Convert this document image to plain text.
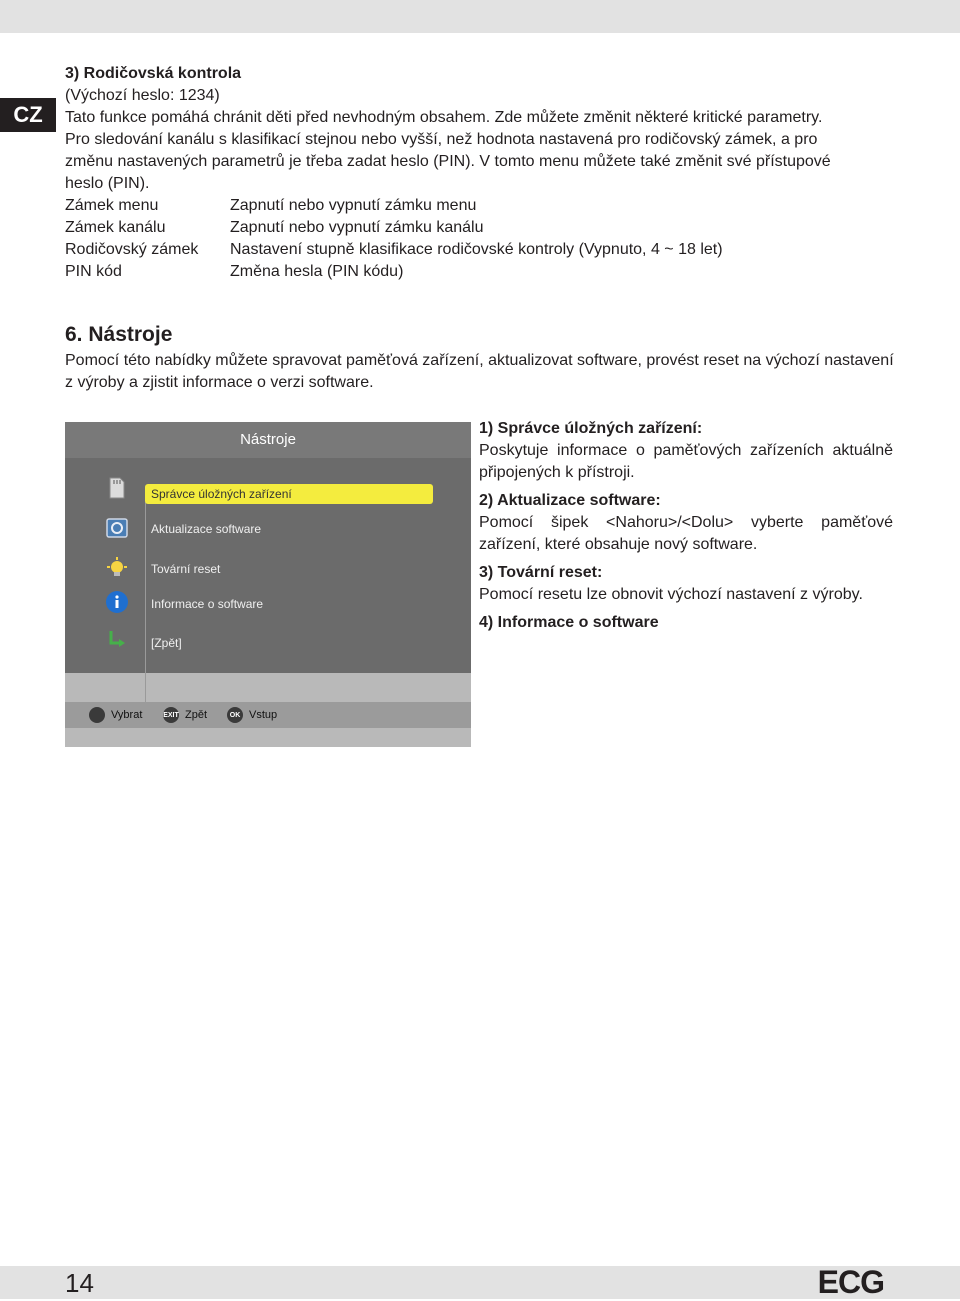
CZ
3) Rodičovská kontrola
(Výchozí heslo: 1234)
Tato funkce pomáhá chránit děti před nevhodným obsahem. Zde můžete změnit některé kritické parametry.
Pro sledování kanálu s klasifikací stejnou nebo vyšší, než hodnota nastavená pro rodičovský zámek, a pro
změnu nastavených parametrů je třeba zadat heslo (PIN). V tomto menu můžete také změnit své přístupové
heslo (PIN).
Zámek menu	Zapnutí nebo vypnutí zámku menu
Zámek kanálu	Zapnutí nebo vypnutí zámku kanálu
Rodičovský zámek	Nastavení stupně klasifikace rodičovské kontroly (Vypnuto, 4 ~ 18 let)
PIN kód	Změna hesla (PIN kódu)
6. Nástroje
Pomocí této nabídky můžete spravovat paměťová zařízení, aktualizovat software, provést reset na výchozí nastavení z výroby a zjistit informace o verzi software.
Nástroje
Správce úložných zařízení
Aktualizace software
Tovární reset
Informace o software
[Zpět]
Vybrat	EXIT Zpět	OK Vstup
1) Správce úložných zařízení:
Poskytuje informace o paměťových zařízeních aktuálně připojených k přístroji.
2) Aktualizace software:
Pomocí šipek <Nahoru>/<Dolu> vyberte paměťové zařízení, které obsahuje nový software.
3) Tovární reset:
Pomocí resetu lze obnovit výchozí nastavení z výroby.
4) Informace o software
14	ECG
